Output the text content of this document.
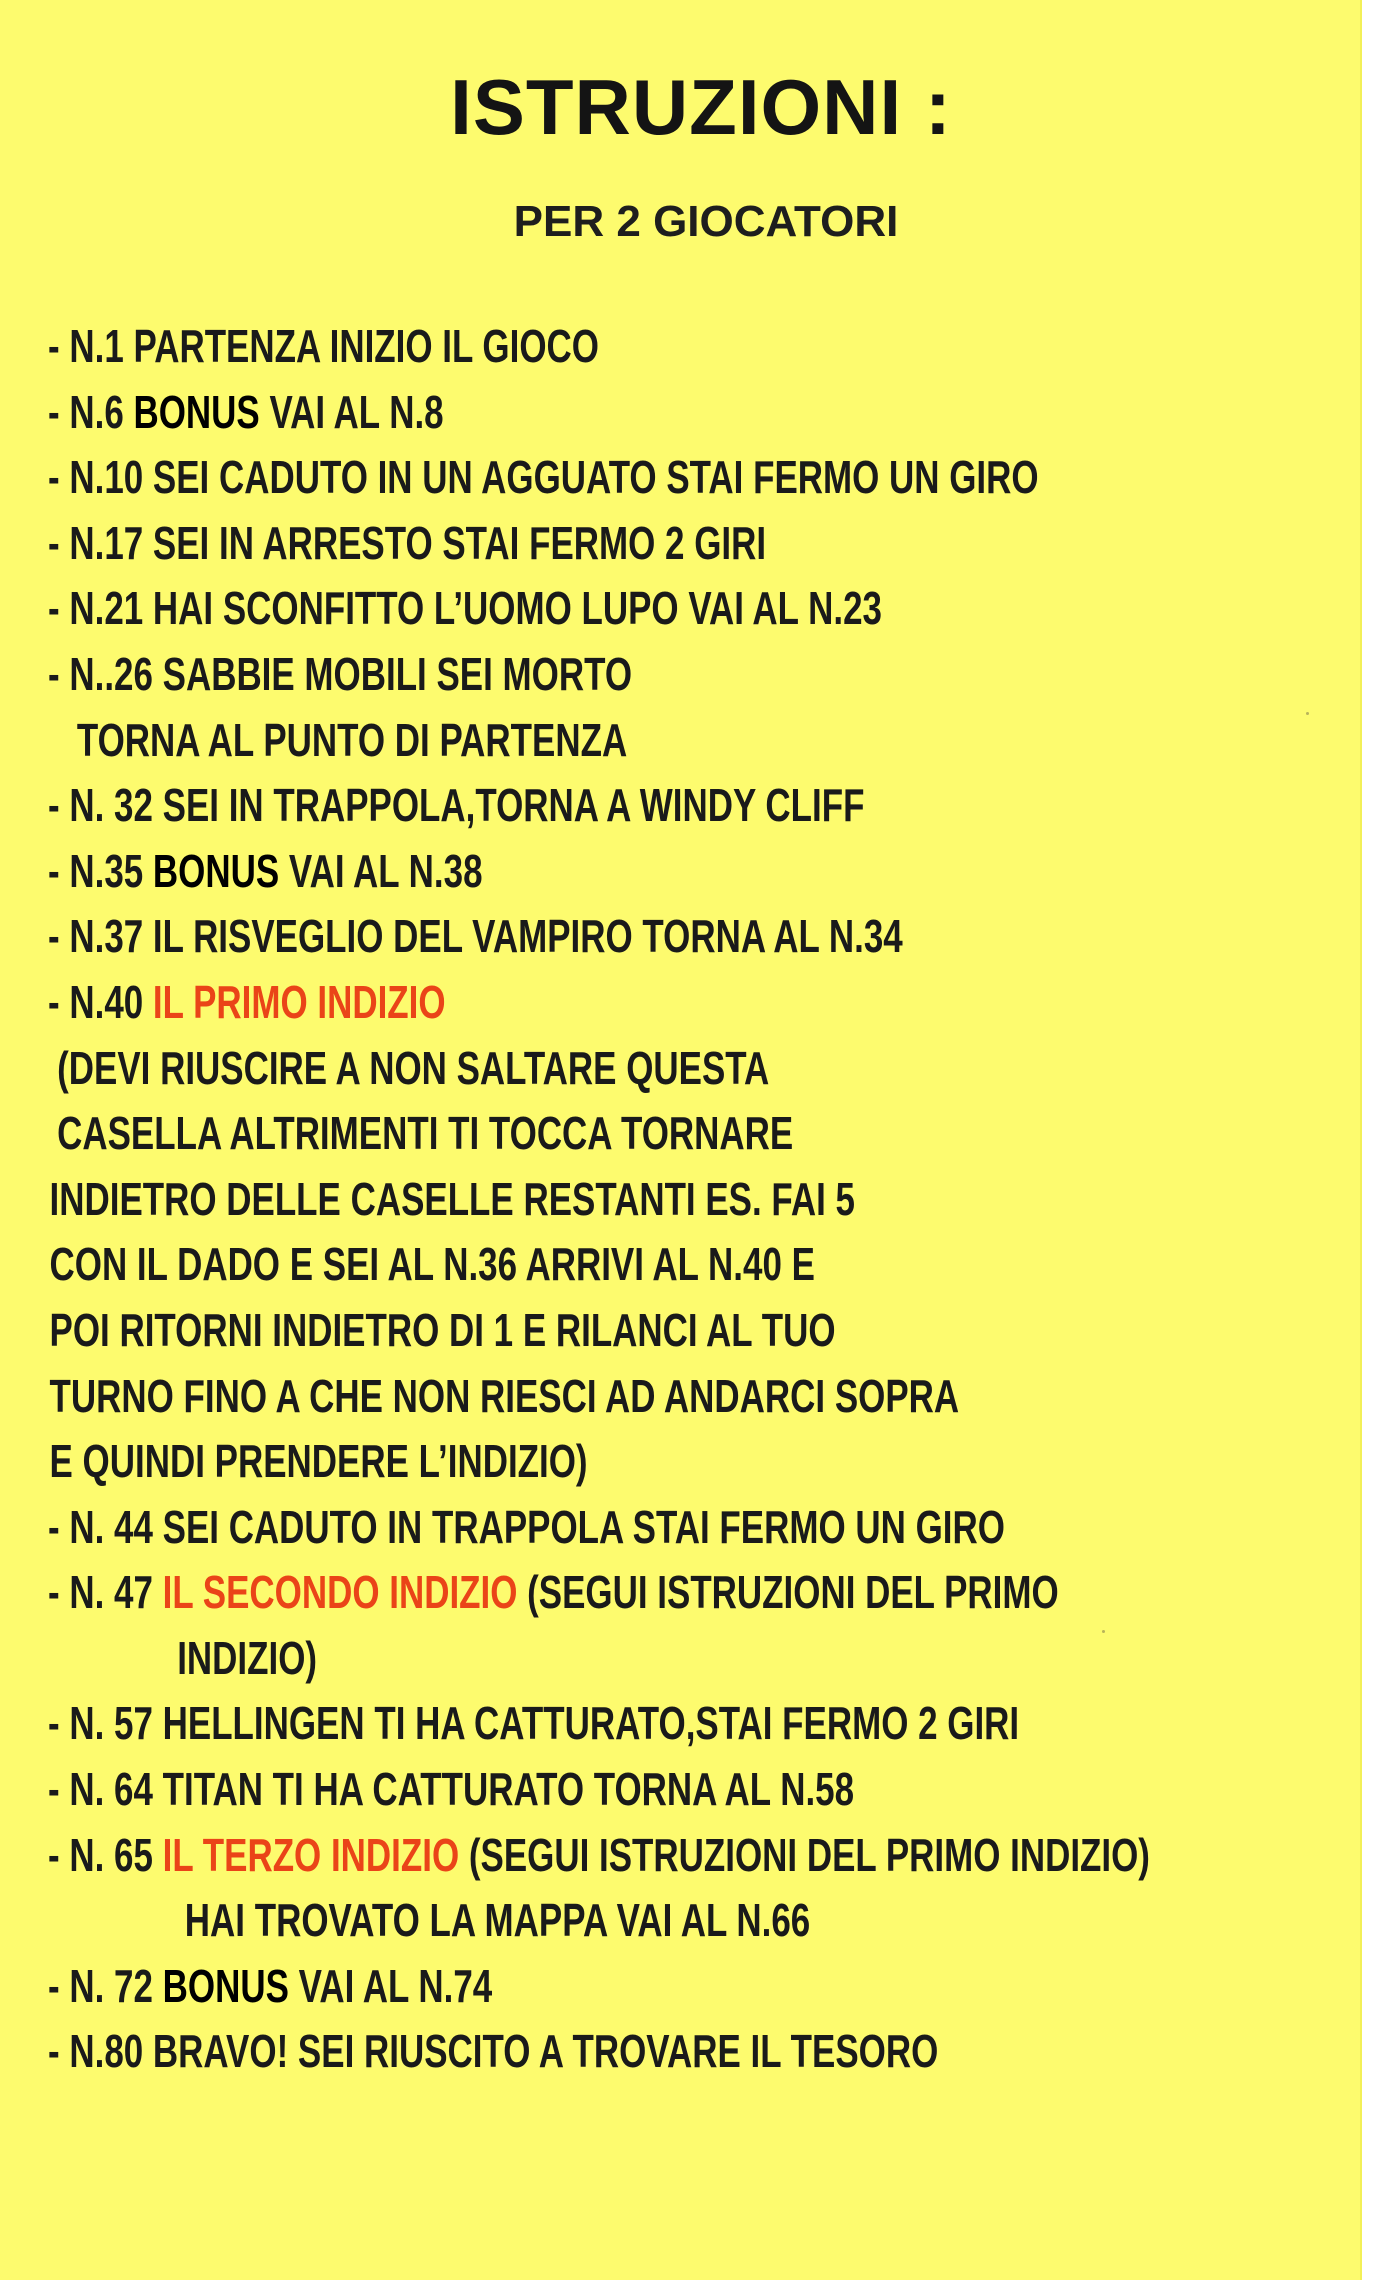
ISTRUZIONI :
PER 2 GIOCATORI
- N.1 PARTENZA INIZIO IL GIOCO
- N.6 BONUS VAI AL N.8
- N.10 SEI CADUTO IN UN AGGUATO STAI FERMO UN GIRO
- N.17 SEI IN ARRESTO STAI FERMO 2 GIRI
- N.21 HAI SCONFITTO L’UOMO LUPO VAI AL N.23
- N..26 SABBIE MOBILI SEI MORTO
TORNA AL PUNTO DI PARTENZA
- N. 32 SEI IN TRAPPOLA,TORNA A WINDY CLIFF
- N.35 BONUS VAI AL N.38
- N.37 IL RISVEGLIO DEL VAMPIRO TORNA AL N.34
- N.40 IL PRIMO INDIZIO
(DEVI RIUSCIRE A NON SALTARE QUESTA
CASELLA ALTRIMENTI TI TOCCA TORNARE
INDIETRO DELLE CASELLE RESTANTI ES. FAI 5
CON IL DADO E SEI AL N.36 ARRIVI AL N.40 E
POI RITORNI INDIETRO DI 1 E RILANCI AL TUO
TURNO FINO A CHE NON RIESCI AD ANDARCI SOPRA
E QUINDI PRENDERE L’INDIZIO)
- N. 44 SEI CADUTO IN TRAPPOLA STAI FERMO UN GIRO
- N. 47 IL SECONDO INDIZIO (SEGUI ISTRUZIONI DEL PRIMO
INDIZIO)
- N. 57 HELLINGEN TI HA CATTURATO,STAI FERMO 2 GIRI
- N. 64 TITAN TI HA CATTURATO TORNA AL N.58
- N. 65 IL TERZO INDIZIO (SEGUI ISTRUZIONI DEL PRIMO INDIZIO)
HAI TROVATO LA MAPPA VAI AL N.66
- N. 72 BONUS VAI AL N.74
- N.80 BRAVO! SEI RIUSCITO A TROVARE IL TESORO
